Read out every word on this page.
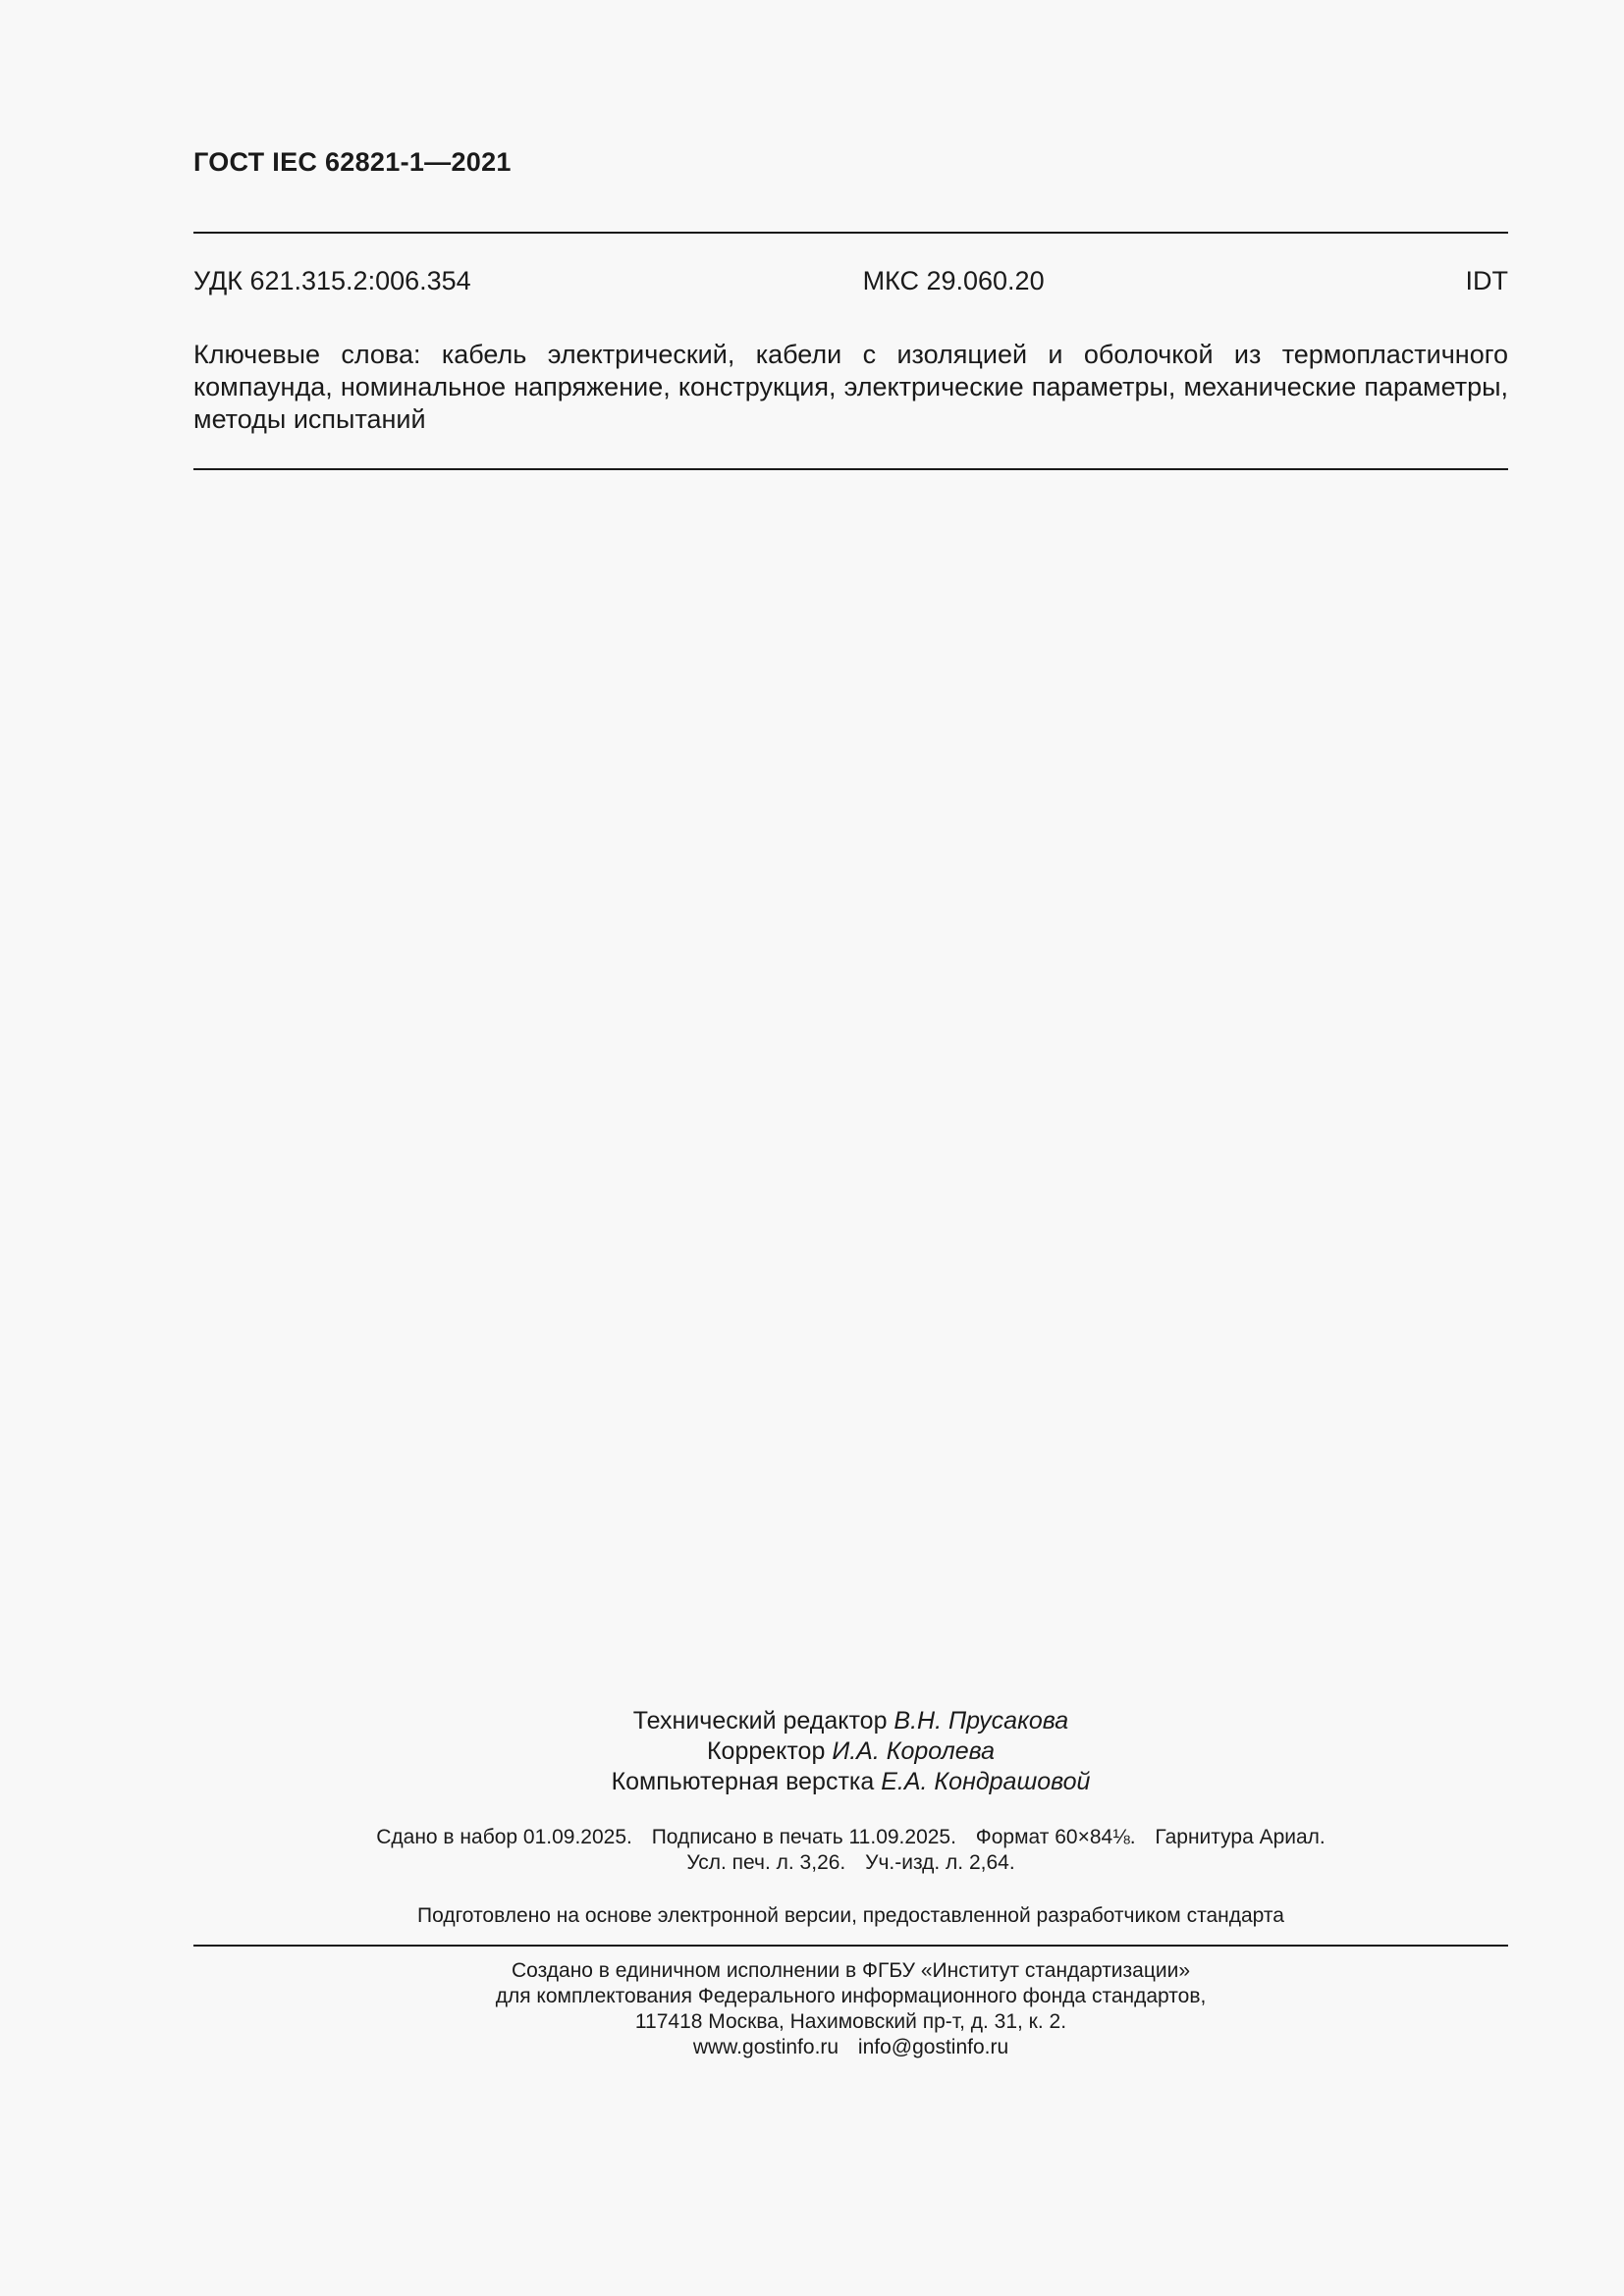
ГОСТ IEC 62821-1—2021
УДК 621.315.2:006.354	МКС 29.060.20	IDT
Ключевые слова: кабель электрический, кабели с изоляцией и оболочкой из термопластичного компаунда, номинальное напряжение, конструкция, электрические параметры, механические параметры, методы испытаний
Технический редактор В.Н. Прусакова
Корректор И.А. Королева
Компьютерная верстка Е.А. Кондрашовой
Сдано в набор 01.09.2025. Подписано в печать 11.09.2025. Формат 60×84⅛. Гарнитура Ариал.
Усл. печ. л. 3,26. Уч.-изд. л. 2,64.
Подготовлено на основе электронной версии, предоставленной разработчиком стандарта
Создано в единичном исполнении в ФГБУ «Институт стандартизации»
для комплектования Федерального информационного фонда стандартов,
117418 Москва, Нахимовский пр-т, д. 31, к. 2.
www.gostinfo.ru info@gostinfo.ru
